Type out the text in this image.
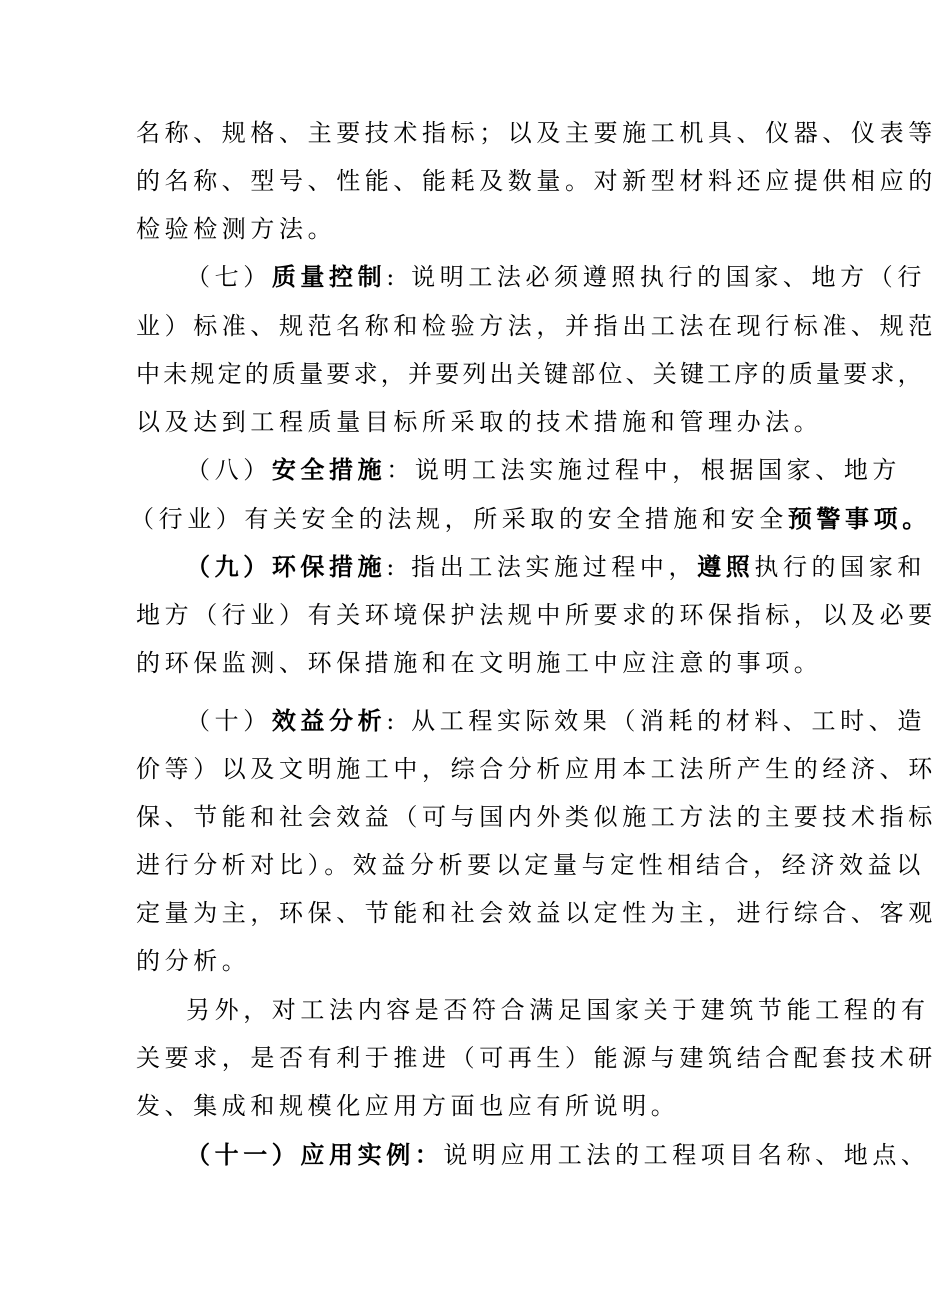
名称、规格、主要技术指标；以及主要施工机具、仪器、仪表等
的名称、型号、性能、能耗及数量。对新型材料还应提供相应的
检验检测方法。
（七）质量控制: 说明工法必须遵照执行的国家、地方（行
业）标准、规范名称和检验方法，并指出工法在现行标准、规范
中未规定的质量要求，并要列出关键部位、关键工序的质量要求，
以及达到工程质量目标所采取的技术措施和管理办法。
（八）安全措施：说明工法实施过程中，根据国家、地方
（行业）有关安全的法规，所采取的安全措施和安全预警事项。
（九）环保措施: 指出工法实施过程中，遵照执行的国家和
地方（行业）有关环境保护法规中所要求的环保指标，以及必要
的环保监测、环保措施和在文明施工中应注意的事项。
（十）效益分析: 从工程实际效果（消耗的材料、工时、造
价等）以及文明施工中，综合分析应用本工法所产生的经济、环
保、节能和社会效益（可与国内外类似施工方法的主要技术指标
进行分析对比）。效益分析要以定量与定性相结合，经济效益以
定量为主，环保、节能和社会效益以定性为主，进行综合、客观
的分析。
另外，对工法内容是否符合满足国家关于建筑节能工程的有
关要求，是否有利于推进（可再生）能源与建筑结合配套技术研
发、集成和规模化应用方面也应有所说明。
（十一）应用实例：说明应用工法的工程项目名称、地点、
